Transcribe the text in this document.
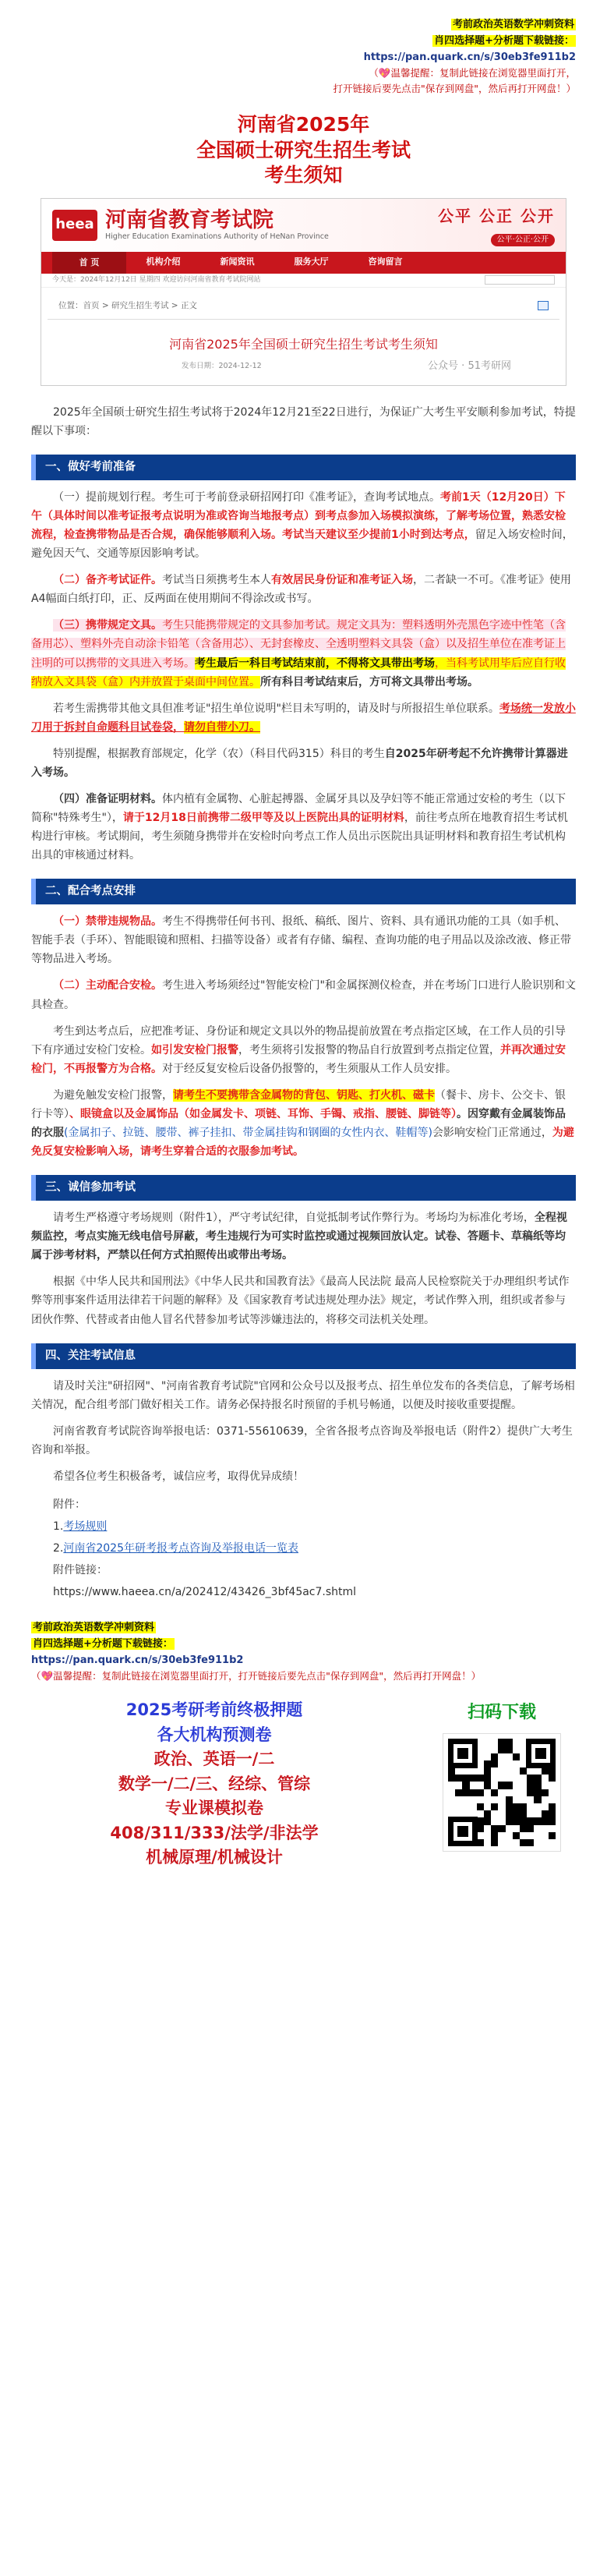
考前政治英语数学冲刺资料
肖四选择题+分析题下载链接：
https://pan.quark.cn/s/30eb3fe911b2
（💖温馨提醒：复制此链接在浏览器里面打开，
打开链接后要先点击"保存到网盘"，然后再打开网盘！）
河南省2025年
全国硕士研究生招生考试
考生须知
heea 河南省教育考试院
Higher Education Examinations Authority of HeNan Province
公平 公正 公开
公平·公正·公开
首 页	机构介绍	新闻资讯	服务大厅	咨询留言
今天是：2024年12月12日 星期四 欢迎访问河南省教育考试院网站
位置：首页 > 研究生招生考试 > 正文
河南省2025年全国硕士研究生招生考试考生须知
发布日期：2024-12-12	公众号 · 51考研网

2025年全国硕士研究生招生考试将于2024年12月21至22日进行，为保证广大考生平安顺利参加考试，特提醒以下事项：

一、做好考前准备

（一）提前规划行程。考生可于考前登录研招网打印《准考证》，查询考试地点。考前1天（12月20日）下午（具体时间以准考证报考点说明为准或咨询当地报考点）到考点参加入场模拟演练，了解考场位置，熟悉安检流程，检查携带物品是否合规，确保能够顺利入场。考试当天建议至少提前1小时到达考点，留足入场安检时间，避免因天气、交通等原因影响考试。

（二）备齐考试证件。考试当日须携考生本人有效居民身份证和准考证入场，二者缺一不可。《准考证》使用A4幅面白纸打印，正、反两面在使用期间不得涂改或书写。

（三）携带规定文具。考生只能携带规定的文具参加考试。规定文具为：塑料透明外壳黑色字迹中性笔（含备用芯）、塑料外壳自动涂卡铅笔（含备用芯）、无封套橡皮、全透明塑料文具袋（盒）以及招生单位在准考证上注明的可以携带的文具进入考场。考生最后一科目考试结束前，不得将文具带出考场，当科考试用毕后应自行收纳放入文具袋（盒）内并放置于桌面中间位置。所有科目考试结束后，方可将文具带出考场。

若考生需携带其他文具但准考证"招生单位说明"栏目未写明的，请及时与所报招生单位联系。考场统一发放小刀用于拆封自命题科目试卷袋，请勿自带小刀。

特别提醒，根据教育部规定，化学（农）（科目代码315）科目的考生自2025年研考起不允许携带计算器进入考场。

（四）准备证明材料。体内植有金属物、心脏起搏器、金属牙具以及孕妇等不能正常通过安检的考生（以下简称"特殊考生"），请于12月18日前携带二级甲等及以上医院出具的证明材料，前往考点所在地教育招生考试机构进行审核。考试期间，考生须随身携带并在安检时向考点工作人员出示医院出具证明材料和教育招生考试机构出具的审核通过材料。

二、配合考点安排

（一）禁带违规物品。考生不得携带任何书刊、报纸、稿纸、图片、资料、具有通讯功能的工具（如手机、智能手表（手环）、智能眼镜和照相、扫描等设备）或者有存储、编程、查询功能的电子用品以及涂改液、修正带等物品进入考场。

（二）主动配合安检。考生进入考场须经过"智能安检门"和金属探测仪检查，并在考场门口进行人脸识别和文具检查。

考生到达考点后，应把准考证、身份证和规定文具以外的物品提前放置在考点指定区域，在工作人员的引导下有序通过安检门安检。如引发安检门报警，考生须将引发报警的物品自行放置到考点指定位置，并再次通过安检门，不再报警方为合格。对于经反复安检后设备仍报警的，考生须服从工作人员安排。

为避免触发安检门报警，请考生不要携带含金属物的背包、钥匙、打火机、磁卡（餐卡、房卡、公交卡、银行卡等）、眼镜盒以及金属饰品（如金属发卡、项链、耳饰、手镯、戒指、腰链、脚链等）。因穿戴有金属装饰品的衣服(金属扣子、拉链、腰带、裤子挂扣、带金属挂钩和钢圈的女性内衣、鞋帽等)会影响安检门正常通过，为避免反复安检影响入场，请考生穿着合适的衣服参加考试。

三、诚信参加考试

请考生严格遵守考场规则（附件1），严守考试纪律，自觉抵制考试作弊行为。考场均为标准化考场，全程视频监控，考点实施无线电信号屏蔽，考生违规行为可实时监控或通过视频回放认定。试卷、答题卡、草稿纸等均属于涉考材料，严禁以任何方式拍照传出或带出考场。

根据《中华人民共和国刑法》《中华人民共和国教育法》《最高人民法院 最高人民检察院关于办理组织考试作弊等刑事案件适用法律若干问题的解释》及《国家教育考试违规处理办法》规定，考试作弊入刑，组织或者参与团伙作弊、代替或者由他人冒名代替参加考试等涉嫌违法的，将移交司法机关处理。

四、关注考试信息

请及时关注"研招网"、"河南省教育考试院"官网和公众号以及报考点、招生单位发布的各类信息，了解考场相关情况，配合组考部门做好相关工作。请务必保持报名时预留的手机号畅通，以便及时接收重要提醒。

河南省教育考试院咨询举报电话：0371-55610639，全省各报考点咨询及举报电话（附件2）提供广大考生咨询和举报。

希望各位考生积极备考，诚信应考，取得优异成绩！

附件：
1.考场规则
2.河南省2025年研考报考点咨询及举报电话一览表
附件链接：
https://www.haeea.cn/a/202412/43426_3bf45ac7.shtml
考前政治英语数学冲刺资料
肖四选择题+分析题下载链接：
https://pan.quark.cn/s/30eb3fe911b2
（💖温馨提醒：复制此链接在浏览器里面打开，打开链接后要先点击"保存到网盘"，然后再打开网盘！）
2025考研考前终极押题
各大机构预测卷
政治、英语一/二
数学一/二/三、经综、管综
专业课模拟卷
408/311/333/法学/非法学
机械原理/机械设计
扫码下载
